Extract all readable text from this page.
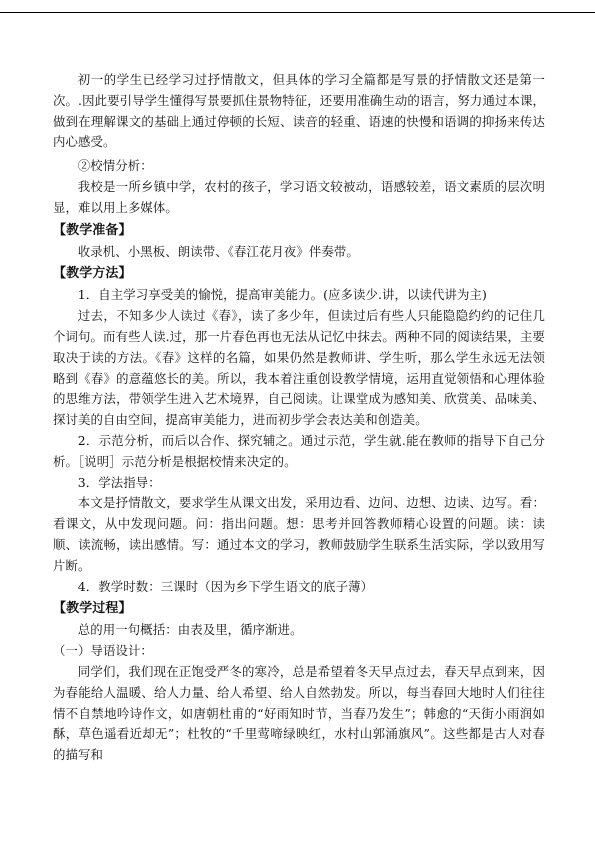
初一的学生已经学习过抒情散文，但具体的学习全篇都是写景的抒情散文还是第一次。.因此要引导学生懂得写景要抓住景物特征，还要用准确生动的语言，努力通过本课，做到在理解课文的基础上通过停顿的长短、读音的轻重、语速的快慢和语调的抑扬来传达内心感受。

②校情分析：

我校是一所乡镇中学，农村的孩子，学习语文较被动，语感较差，语文素质的层次明显，难以用上多媒体。

【教学准备】

收录机、小黑板、朗读带、《春江花月夜》伴奏带。

【教学方法】

1．自主学习享受美的愉悦，提高审美能力。(应多读少.讲，以读代讲为主)

过去，不知多少人读过《春》，读了多少年，但读过后有些人只能隐隐约约的记住几个词句。而有些人读.过，那一片春色再也无法从记忆中抹去。两种不同的阅读结果，主要取决于读的方法。《春》这样的名篇，如果仍然是教师讲、学生听，那么学生永远无法领略到《春》的意蕴悠长的美。所以，我本着注重创设教学情境，运用直觉领悟和心理体验的思维方法，带领学生进入艺术境界，自己阅读。让课堂成为感知美、欣赏美、品味美、探讨美的自由空间，提高审美能力，进而初步学会表达美和创造美。

2．示范分析，而后以合作、探究辅之。通过示范，学生就.能在教师的指导下自己分析。［说明］示范分析是根据校情来决定的。

3．学法指导：

本文是抒情散文，要求学生从课文出发，采用边看、边问、边想、边读、边写。看：看课文，从中发现问题。问：指出问题。想：思考并回答教师精心设置的问题。读：读顺、读流畅，读出感情。写：通过本文的学习，教师鼓励学生联系生活实际，学以致用写片断。

4．教学时数：三课时（因为乡下学生语文的底子薄）

【教学过程】

总的用一句概括：由表及里，循序渐进。

（一）导语设计：

同学们，我们现在正饱受严冬的寒冷，总是希望着冬天早点过去，春天早点到来，因为春能给人温暖、给人力量、给人希望、给人自然勃发。所以，每当春回大地时人们往往情不自禁地吟诗作文，如唐朝杜甫的“好雨知时节，当春乃发生”；韩愈的“天街小雨润如酥，草色遥看近却无”；杜牧的“千里莺啼绿映红，水村山郭涌旗风”。这些都是古人对春的描写和
